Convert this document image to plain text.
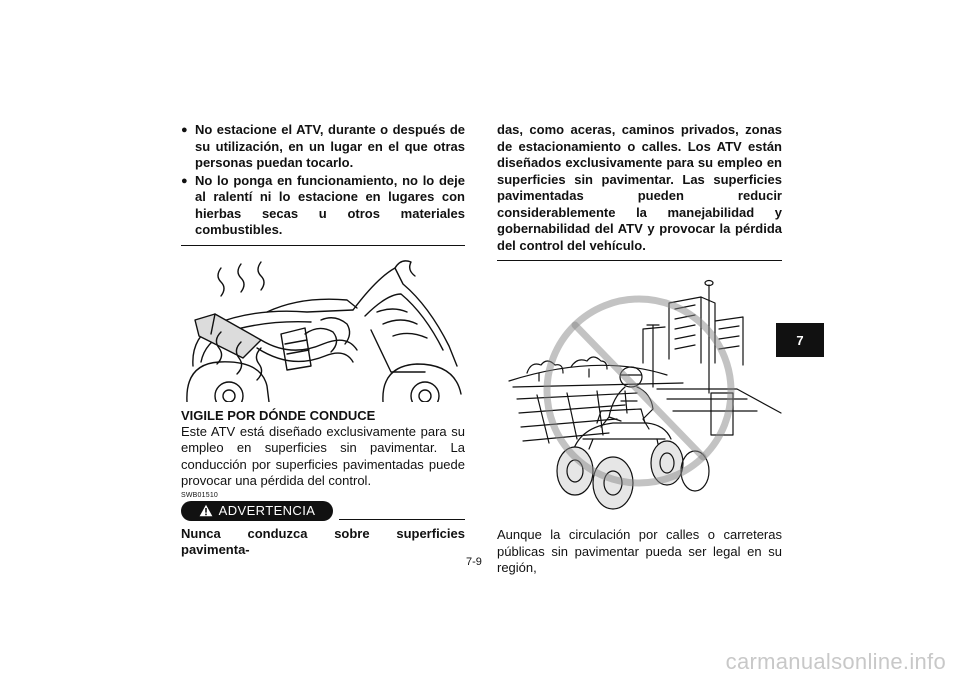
● No estacione el ATV, durante o después de su utilización, en un lugar en el que otras personas puedan tocarlo.
● No lo ponga en funcionamiento, no lo deje al ralentí ni lo estacione en lugares con hierbas secas u otros materiales combustibles.
VIGILE POR DÓNDE CONDUCE

Este ATV está diseñado exclusivamente para su empleo en superficies sin pavimentar. La conducción por superficies pavimentadas puede provocar una pérdida del control.

SWB01510
ADVERTENCIA

Nunca conduzca sobre superficies pavimenta-

das, como aceras, caminos privados, zonas de estacionamiento o calles. Los ATV están diseñados exclusivamente para su empleo en superficies sin pavimentar. Las superficies pavimentadas pueden reducir considerablemente la manejabilidad y gobernabilidad del ATV y provocar la pérdida del control del vehículo.

Aunque la circulación por calles o carreteras públicas sin pavimentar pueda ser legal en su región,

7-9
7
carmanualsonline.info
